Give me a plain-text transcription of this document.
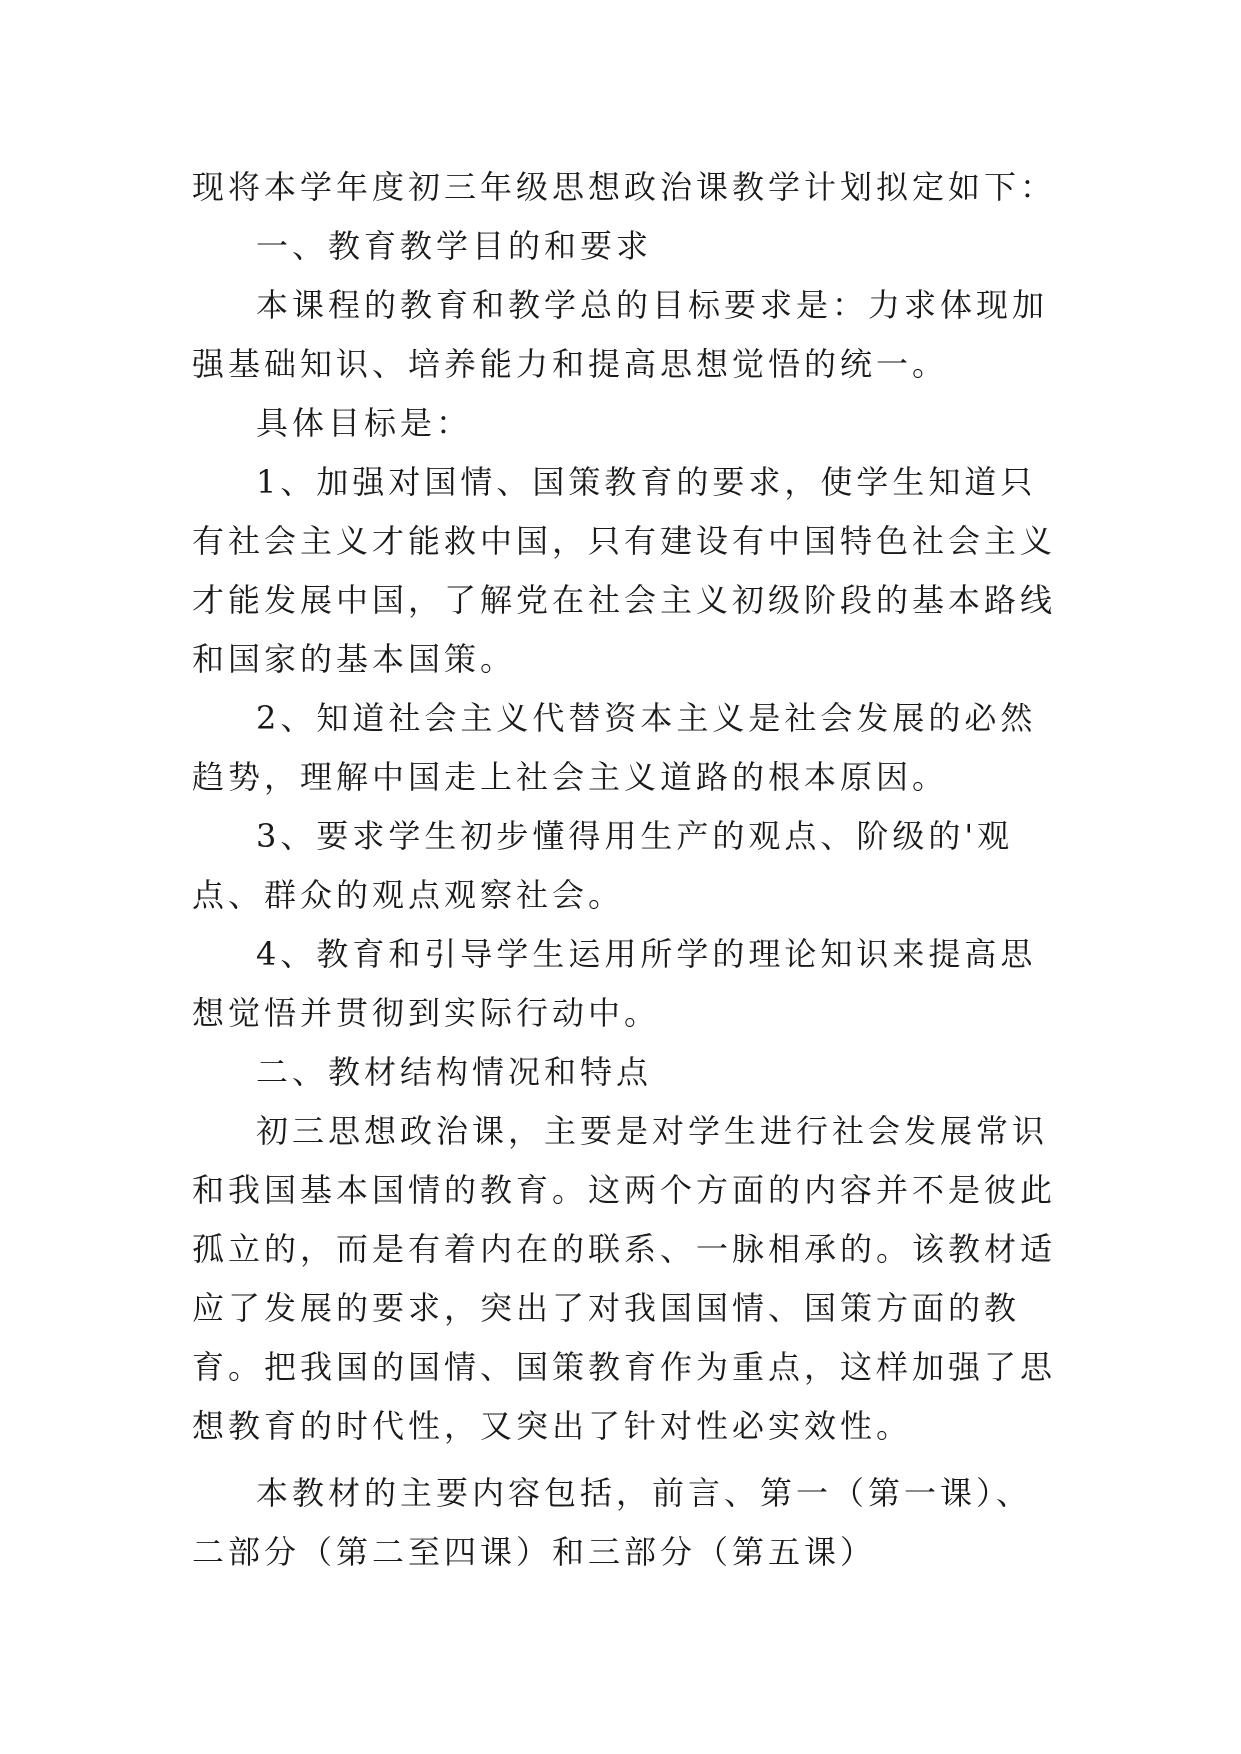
现将本学年度初三年级思想政治课教学计划拟定如下：

一、教育教学目的和要求

本课程的教育和教学总的目标要求是：力求体现加强基础知识、培养能力和提高思想觉悟的统一。

具体目标是：

1、加强对国情、国策教育的要求，使学生知道只有社会主义才能救中国，只有建设有中国特色社会主义才能发展中国，了解党在社会主义初级阶段的基本路线和国家的基本国策。

2、知道社会主义代替资本主义是社会发展的必然趋势，理解中国走上社会主义道路的根本原因。

3、要求学生初步懂得用生产的观点、阶级的'观点、群众的观点观察社会。

4、教育和引导学生运用所学的理论知识来提高思想觉悟并贯彻到实际行动中。

二、教材结构情况和特点

初三思想政治课，主要是对学生进行社会发展常识和我国基本国情的教育。这两个方面的内容并不是彼此孤立的，而是有着内在的联系、一脉相承的。该教材适应了发展的要求，突出了对我国国情、国策方面的教育。把我国的国情、国策教育作为重点，这样加强了思想教育的时代性，又突出了针对性必实效性。

本教材的主要内容包括，前言、第一（第一课）、二部分（第二至四课）和三部分（第五课）
